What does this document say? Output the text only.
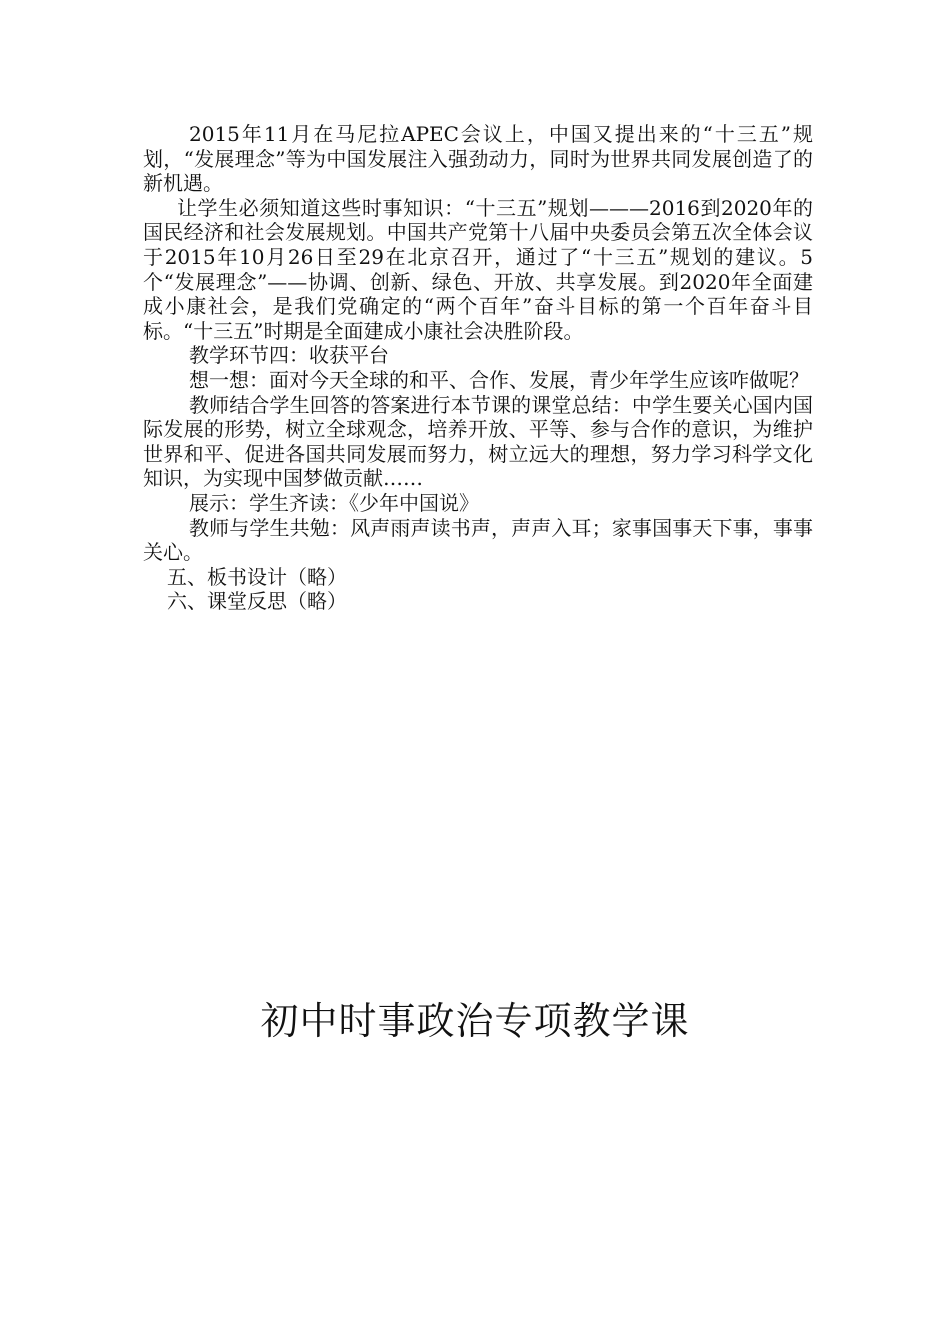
2015年11月在马尼拉APEC会议上，中国又提出来的“十三五”规划，“发展理念”等为中国发展注入强劲动力，同时为世界共同发展创造了的新机遇。

让学生必须知道这些时事知识：“十三五”规划———2016到2020年的国民经济和社会发展规划。中国共产党第十八届中央委员会第五次全体会议于2015年10月26日至29在北京召开，通过了“十三五”规划的建议。5个“发展理念”——协调、创新、绿色、开放、共享发展。到2020年全面建成小康社会，是我们党确定的“两个百年”奋斗目标的第一个百年奋斗目标。“十三五”时期是全面建成小康社会决胜阶段。

教学环节四：收获平台

想一想：面对今天全球的和平、合作、发展，青少年学生应该咋做呢？

教师结合学生回答的答案进行本节课的课堂总结：中学生要关心国内国际发展的形势，树立全球观念，培养开放、平等、参与合作的意识，为维护世界和平、促进各国共同发展而努力，树立远大的理想，努力学习科学文化知识，为实现中国梦做贡献……

展示：学生齐读：《少年中国说》

教师与学生共勉：风声雨声读书声，声声入耳；家事国事天下事，事事关心。

五、板书设计（略）

六、课堂反思（略）

初中时事政治专项教学课
